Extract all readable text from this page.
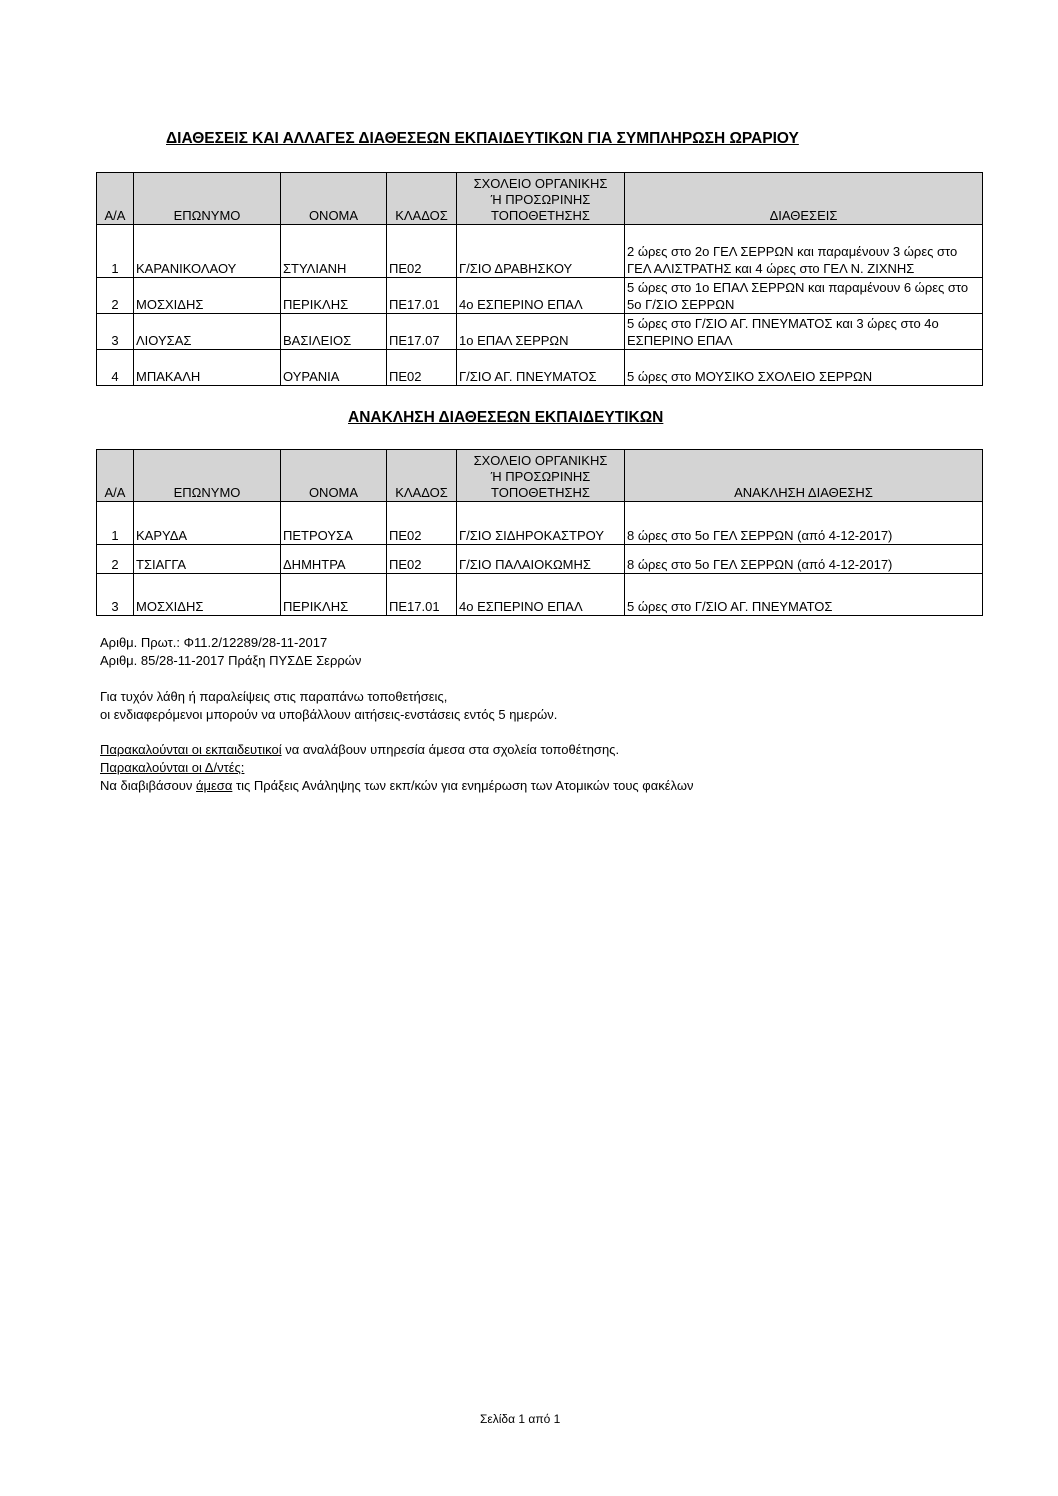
ΔΙΑΘΕΣΕΙΣ ΚΑΙ ΑΛΛΑΓΕΣ ΔΙΑΘΕΣΕΩΝ ΕΚΠΑΙΔΕΥΤΙΚΩΝ ΓΙΑ ΣΥΜΠΛΗΡΩΣΗ ΩΡΑΡΙΟΥ
Α/Α	ΕΠΩΝΥΜΟ	ΟΝΟΜΑ	ΚΛΑΔΟΣ	ΣΧΟΛΕΙΟ ΟΡΓΑΝΙΚΗΣ
Ή ΠΡΟΣΩΡΙΝΗΣ
ΤΟΠΟΘΕΤΗΣΗΣ	ΔΙΑΘΕΣΕΙΣ
1	ΚΑΡΑΝΙΚΟΛΑΟΥ	ΣΤΥΛΙΑΝΗ	ΠΕ02	Γ/ΣΙΟ ΔΡΑΒΗΣΚΟΥ	2 ώρες στο 2ο ΓΕΛ ΣΕΡΡΩΝ και παραμένουν 3 ώρες στο ΓΕΛ ΑΛΙΣΤΡΑΤΗΣ και 4 ώρες στο ΓΕΛ Ν. ΖΙΧΝΗΣ
2	ΜΟΣΧΙΔΗΣ	ΠΕΡΙΚΛΗΣ	ΠΕ17.01	4ο ΕΣΠΕΡΙΝΟ ΕΠΑΛ	5 ώρες στο 1ο ΕΠΑΛ ΣΕΡΡΩΝ και παραμένουν 6 ώρες στο 5ο Γ/ΣΙΟ ΣΕΡΡΩΝ
3	ΛΙΟΥΣΑΣ	ΒΑΣΙΛΕΙΟΣ	ΠΕ17.07	1ο ΕΠΑΛ ΣΕΡΡΩΝ	5 ώρες στο Γ/ΣΙΟ ΑΓ. ΠΝΕΥΜΑΤΟΣ και 3 ώρες στο 4ο ΕΣΠΕΡΙΝΟ ΕΠΑΛ
4	ΜΠΑΚΑΛΗ	ΟΥΡΑΝΙΑ	ΠΕ02	Γ/ΣΙΟ ΑΓ. ΠΝΕΥΜΑΤΟΣ	5 ώρες στο ΜΟΥΣΙΚΟ ΣΧΟΛΕΙΟ ΣΕΡΡΩΝ
ΑΝΑΚΛΗΣΗ ΔΙΑΘΕΣΕΩΝ ΕΚΠΑΙΔΕΥΤΙΚΩΝ
Α/Α	ΕΠΩΝΥΜΟ	ΟΝΟΜΑ	ΚΛΑΔΟΣ	ΣΧΟΛΕΙΟ ΟΡΓΑΝΙΚΗΣ
Ή ΠΡΟΣΩΡΙΝΗΣ
ΤΟΠΟΘΕΤΗΣΗΣ	ΑΝΑΚΛΗΣΗ ΔΙΑΘΕΣΗΣ
1	ΚΑΡΥΔΑ	ΠΕΤΡΟΥΣΑ	ΠΕ02	Γ/ΣΙΟ ΣΙΔΗΡΟΚΑΣΤΡΟΥ	8 ώρες στο 5ο ΓΕΛ ΣΕΡΡΩΝ (από 4-12-2017)
2	ΤΣΙΑΓΓΑ	ΔΗΜΗΤΡΑ	ΠΕ02	Γ/ΣΙΟ ΠΑΛΑΙΟΚΩΜΗΣ	8 ώρες στο 5ο ΓΕΛ ΣΕΡΡΩΝ (από 4-12-2017)
3	ΜΟΣΧΙΔΗΣ	ΠΕΡΙΚΛΗΣ	ΠΕ17.01	4ο ΕΣΠΕΡΙΝΟ ΕΠΑΛ	5 ώρες στο Γ/ΣΙΟ ΑΓ. ΠΝΕΥΜΑΤΟΣ
Αριθμ. Πρωτ.: Φ11.2/12289/28-11-2017
Αριθμ. 85/28-11-2017 Πράξη ΠΥΣΔΕ Σερρών
Για τυχόν λάθη ή παραλείψεις στις παραπάνω τοποθετήσεις,
οι ενδιαφερόμενοι μπορούν να υποβάλλουν αιτήσεις-ενστάσεις εντός 5 ημερών.
Παρακαλούνται οι εκπαιδευτικοί να αναλάβουν υπηρεσία άμεσα στα σχολεία τοποθέτησης.
Παρακαλούνται οι Δ/ντές:
Να διαβιβάσουν άμεσα τις Πράξεις Ανάληψης των εκπ/κών για ενημέρωση των Ατομικών τους φακέλων
Σελίδα 1 από 1
